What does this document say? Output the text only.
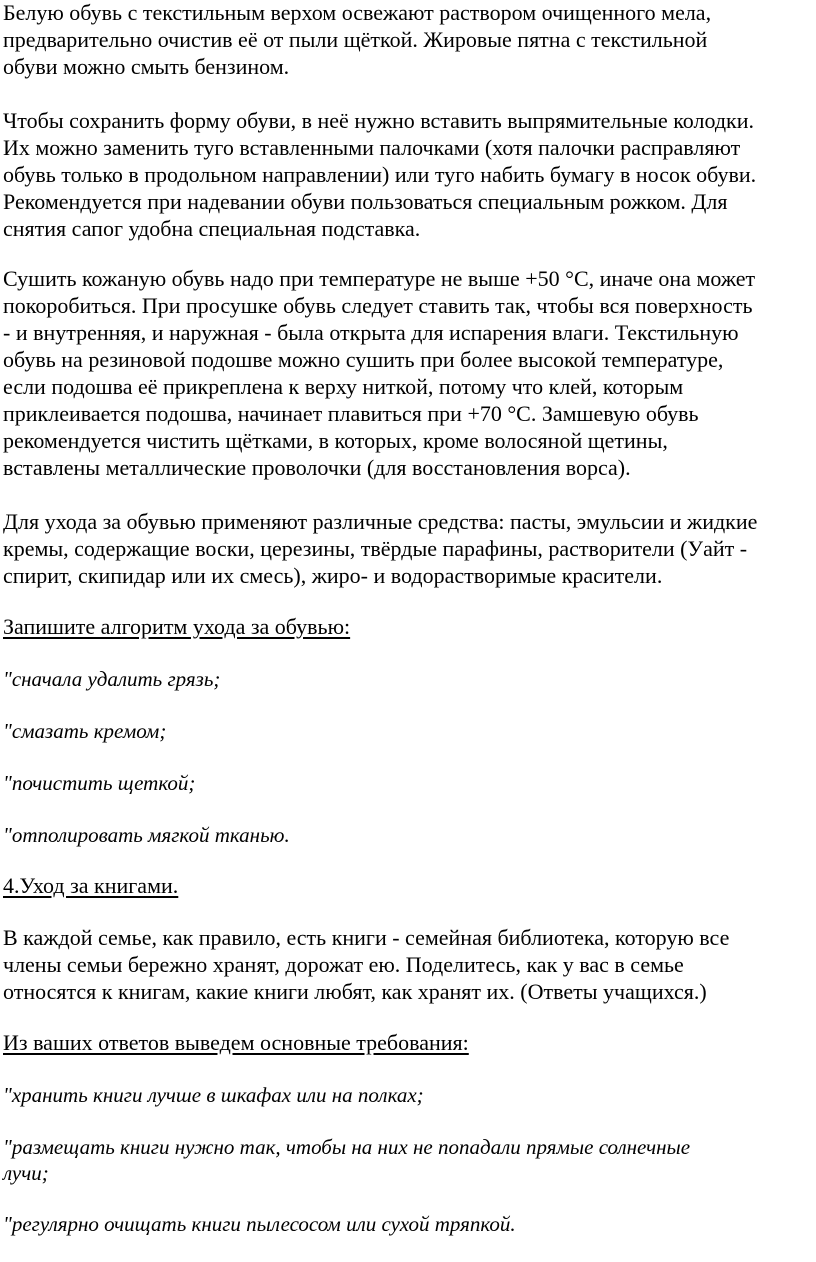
Белую обувь с текстильным верхом освежают раствором очищенного мела,

предварительно очистив её от пыли щёткой. Жировые пятна с текстильной

обуви можно смыть бензином.

Чтобы сохранить форму обуви, в неё нужно вставить выпрямительные колодки.

Их можно заменить туго вставленными палочками (хотя палочки расправляют

обувь только в продольном направлении) или туго набить бумагу в носок обуви.

Рекомендуется при надевании обуви пользоваться специальным рожком. Для

снятия сапог удобна специальная подставка.

Сушить кожаную обувь надо при температуре не выше +50 °С, иначе она может

покоробиться. При просушке обувь следует ставить так, чтобы вся поверхность

- и внутренняя, и наружная - была открыта для испарения влаги. Текстильную

обувь на резиновой подошве можно сушить при более высокой температуре,

если подошва её прикреплена к верху ниткой, потому что клей, которым

приклеивается подошва, начинает плавиться при +70 °С. Замшевую обувь

рекомендуется чистить щётками, в которых, кроме волосяной щетины,

вставлены металлические проволочки (для восстановления ворса).

Для ухода за обувью применяют различные средства: пасты, эмульсии и жидкие

кремы, содержащие воски, церезины, твёрдые парафины, растворители (Уайт -

спирит, скипидар или их смесь), жиро- и водорастворимые красители.

Запишите алгоритм ухода за обувью:

"сначала удалить грязь;

"смазать кремом;

"почистить щеткой;

"отполировать мягкой тканью.

4.Уход за книгами.

В каждой семье, как правило, есть книги - семейная библиотека, которую все

члены семьи бережно хранят, дорожат ею. Поделитесь, как у вас в семье

относятся к книгам, какие книги любят, как хранят их. (Ответы учащихся.)

Из ваших ответов выведем основные требования:

"хранить книги лучше в шкафах или на полках;

"размещать книги нужно так, чтобы на них не попадали прямые солнечные

лучи;

"регулярно очищать книги пылесосом или сухой тряпкой.
